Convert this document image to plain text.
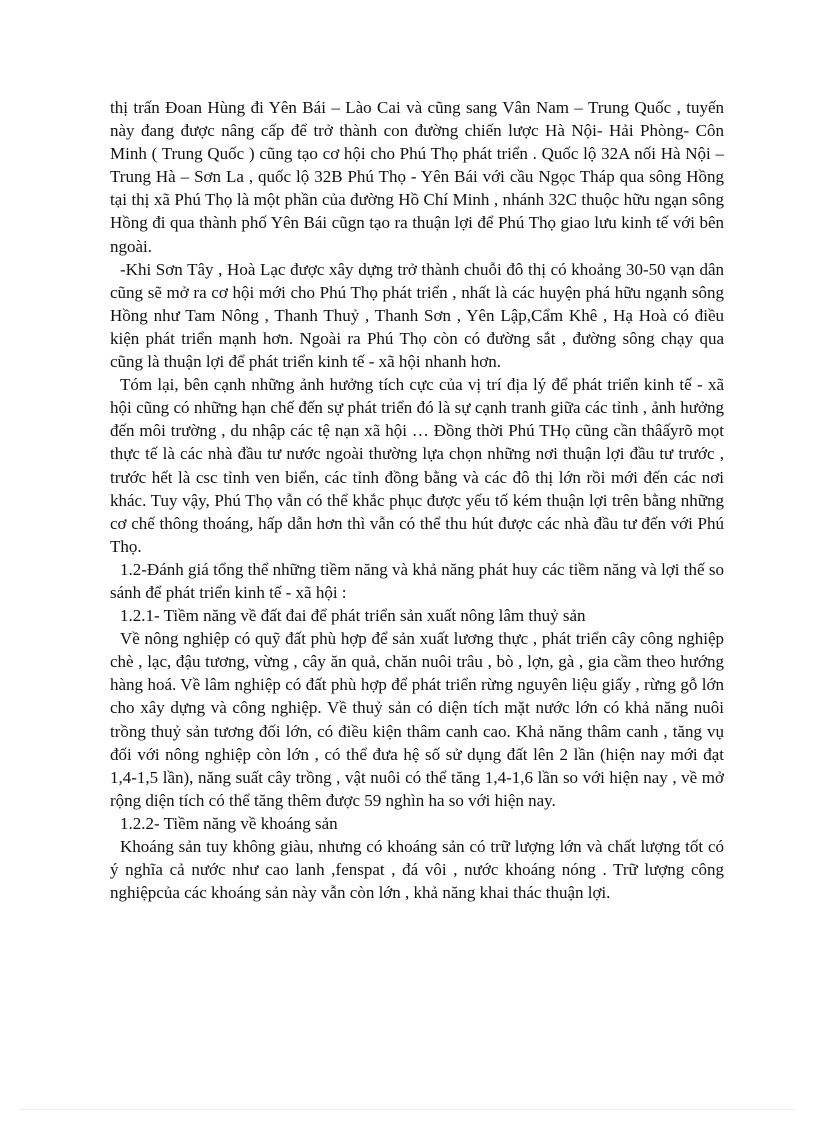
thị trấn Đoan Hùng đi Yên Bái – Lào Cai và cũng sang Vân Nam – Trung Quốc , tuyến này đang được nâng cấp để trở thành con đường chiến lược Hà Nội- Hải Phòng- Côn Minh ( Trung Quốc ) cũng tạo cơ hội cho Phú Thọ phát triển . Quốc lộ 32A nối Hà Nội –Trung Hà – Sơn La , quốc lộ 32B Phú Thọ - Yên Bái với cầu Ngọc Tháp qua sông Hồng tại thị xã Phú Thọ là một phần của đường Hồ Chí Minh , nhánh 32C thuộc hữu ngạn sông Hồng đi qua thành phố Yên Bái cũgn tạo ra thuận lợi để Phú Thọ giao lưu kinh tế với bên ngoài.

-Khi Sơn Tây , Hoà Lạc được xây dựng trở thành chuỗi đô thị có khoảng 30-50 vạn dân cũng sẽ mở ra cơ hội mới cho Phú Thọ phát triển , nhất là các huyện phá hữu ngạnh sông Hồng như Tam Nông , Thanh Thuỷ , Thanh Sơn , Yên Lập,Cẩm Khê , Hạ Hoà có điều kiện phát triển mạnh hơn. Ngoài ra Phú Thọ còn có đường sắt , đường sông chạy qua cũng là thuận lợi để phát triển kinh tế - xã hội nhanh hơn.

Tóm lại, bên cạnh những ảnh hưởng tích cực của vị trí địa lý để phát triển kinh tế - xã hội cũng có những hạn chế đến sự phát triển đó là sự cạnh tranh giữa các tỉnh , ảnh hưởng đến môi trường , du nhập các tệ nạn xã hội … Đồng thời Phú THọ cũng cần thâấyrõ mọt thực tế là các nhà đầu tư nước ngoài thường lựa chọn những nơi thuận lợi đầu tư trước , trước hết là csc tỉnh ven biển, các tỉnh đồng bằng và các đô thị lớn rồi mới đến các nơi khác. Tuy vậy, Phú Thọ vẫn có thể khắc phục được yếu tố kém thuận lợi trên bằng những cơ chế thông thoáng, hấp dẫn hơn thì vẫn có thể thu hút được các nhà đầu tư đến với Phú Thọ.

1.2-Đánh giá tổng thể những tiềm năng và khả năng phát huy các tiềm năng và lợi thế so sánh để phát triển kinh tế - xã hội :

1.2.1- Tiềm năng về đất đai để phát triển sản xuất nông lâm thuỷ sản

Về nông nghiệp có quỹ đất phù hợp để sản xuất lương thực , phát triển cây công nghiệp chè , lạc, đậu tương, vừng , cây ăn quả, chăn nuôi trâu , bò , lợn, gà , gia cầm theo hướng hàng hoá. Về lâm nghiệp có đất phù hợp để phát triển rừng nguyên liệu giấy , rừng gỗ lớn cho xây dựng và công nghiệp. Về thuỷ sản có diện tích mặt nước lớn có khả năng nuôi trồng thuỷ sản tương đối lớn, có điều kiện thâm canh cao. Khả năng thâm canh , tăng vụ đối với nông nghiệp còn lớn , có thể đưa hệ số sử dụng đất lên 2 lần (hiện nay mới đạt 1,4-1,5 lần), năng suất cây trồng , vật nuôi có thể tăng 1,4-1,6 lần so với hiện nay , về mở rộng diện tích có thể tăng thêm được 59 nghìn ha so với hiện nay.

1.2.2- Tiềm năng về khoáng sản

Khoáng sản tuy không giàu, nhưng có khoáng sản có trữ lượng lớn và chất lượng tốt có ý nghĩa cả nước như cao lanh ,fenspat , đá vôi , nước khoáng nóng . Trữ lượng công nghiệpcủa các khoáng sản này vẫn còn lớn , khả năng khai thác thuận lợi.
